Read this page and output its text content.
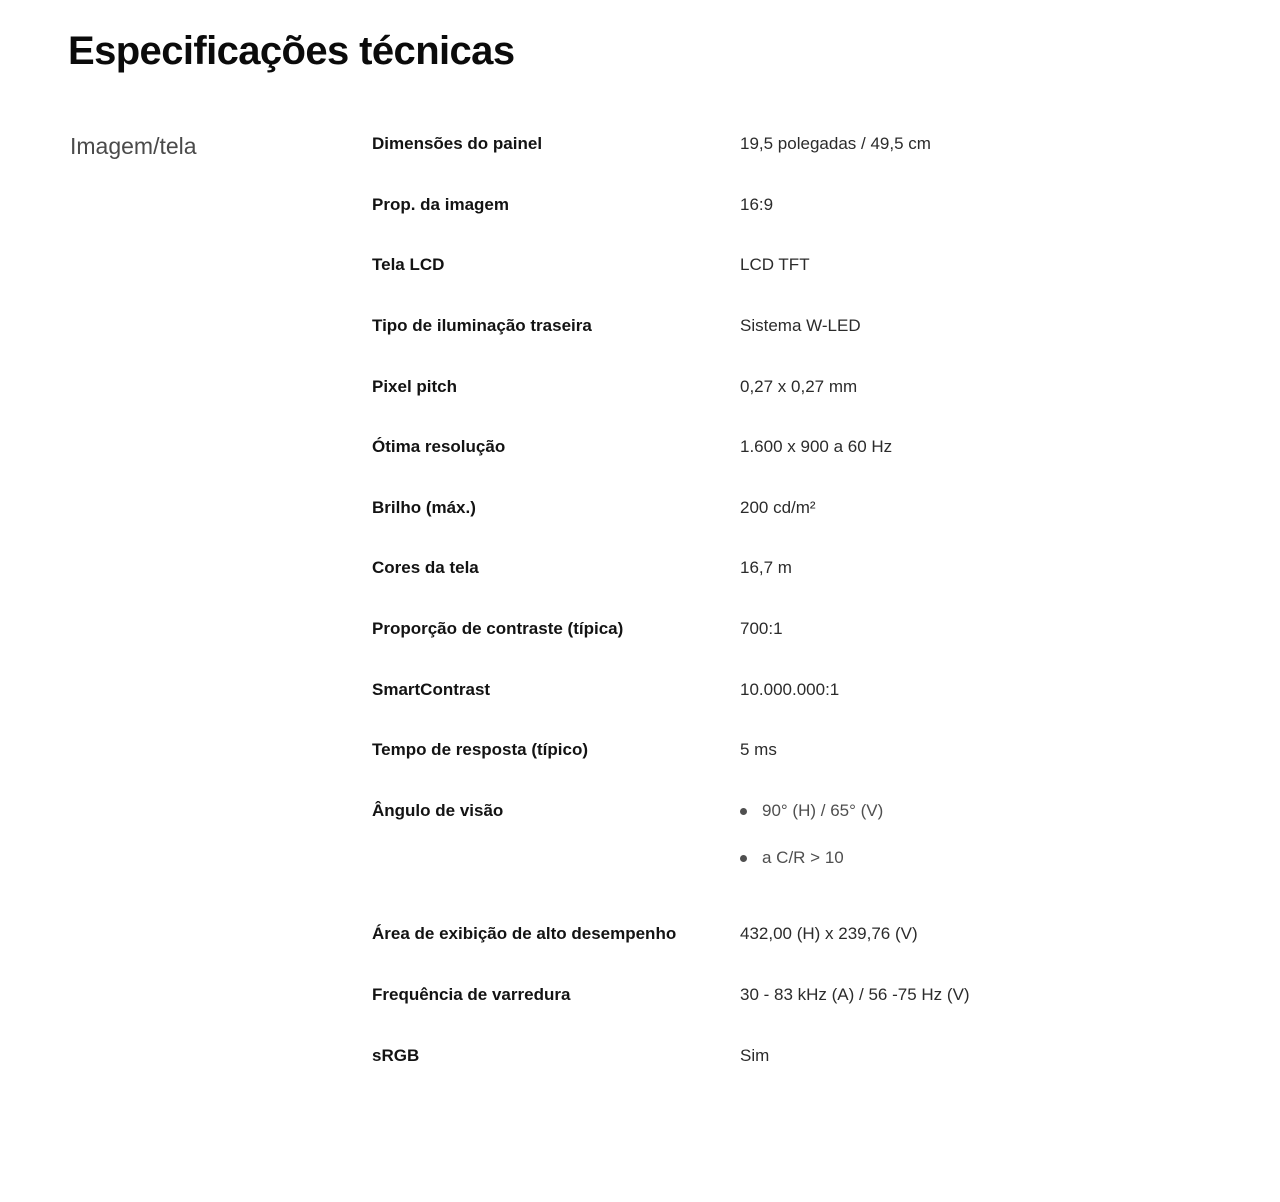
Especificações técnicas
Imagem/tela	Dimensões do painel	19,5 polegadas / 49,5 cm
Prop. da imagem	16:9
Tela LCD	LCD TFT
Tipo de iluminação traseira	Sistema W-LED
Pixel pitch	0,27 x 0,27 mm
Ótima resolução	1.600 x 900 a 60 Hz
Brilho (máx.)	200 cd/m²
Cores da tela	16,7 m
Proporção de contraste (típica)	700:1
SmartContrast	10.000.000:1
Tempo de resposta (típico)	5 ms
Ângulo de visão	90° (H) / 65° (V)
a C/R > 10
Área de exibição de alto desempenho	432,00 (H) x 239,76 (V)
Frequência de varredura	30 - 83 kHz (A) / 56 -75 Hz (V)
sRGB	Sim
